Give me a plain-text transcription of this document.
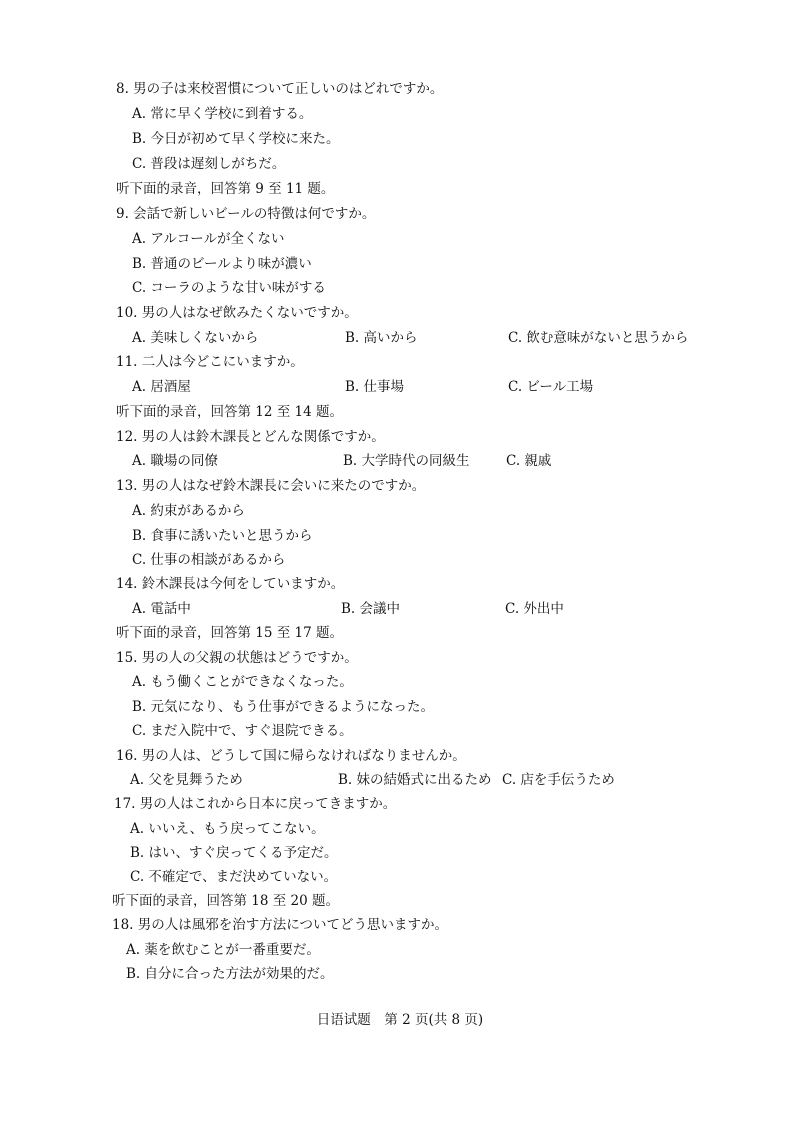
8. 男の子は来校習慣について正しいのはどれですか。
A. 常に早く学校に到着する。
B. 今日が初めて早く学校に来た。
C. 普段は遅刻しがちだ。
听下面的录音，回答第 9 至 11 题。
9. 会話で新しいビールの特徴は何ですか。
A. アルコールが全くない
B. 普通のビールより味が濃い
C. コーラのような甘い味がする
10. 男の人はなぜ飲みたくないですか。
A. 美味しくないから	B. 高いから	C. 飲む意味がないと思うから
11. 二人は今どこにいますか。
A. 居酒屋	B. 仕事場	C. ビール工場
听下面的录音，回答第 12 至 14 题。
12. 男の人は鈴木課長とどんな関係ですか。
A. 職場の同僚	B. 大学時代の同級生	C. 親戚
13. 男の人はなぜ鈴木課長に会いに来たのですか。
A. 約束があるから
B. 食事に誘いたいと思うから
C. 仕事の相談があるから
14. 鈴木課長は今何をしていますか。
A. 電話中	B. 会議中	C. 外出中
听下面的录音，回答第 15 至 17 题。
15. 男の人の父親の状態はどうですか。
A. もう働くことができなくなった。
B. 元気になり、もう仕事ができるようになった。
C. まだ入院中で、すぐ退院できる。
16. 男の人は、どうして国に帰らなければなりませんか。
A. 父を見舞うため	B. 妹の結婚式に出るため C. 店を手伝うため
17. 男の人はこれから日本に戻ってきますか。
A. いいえ、もう戻ってこない。
B. はい、すぐ戻ってくる予定だ。
C. 不確定で、まだ決めていない。
听下面的录音，回答第 18 至 20 题。
18. 男の人は風邪を治す方法についてどう思いますか。
A. 薬を飲むことが一番重要だ。
B. 自分に合った方法が効果的だ。
日语试题　第 2 页(共 8 页)
